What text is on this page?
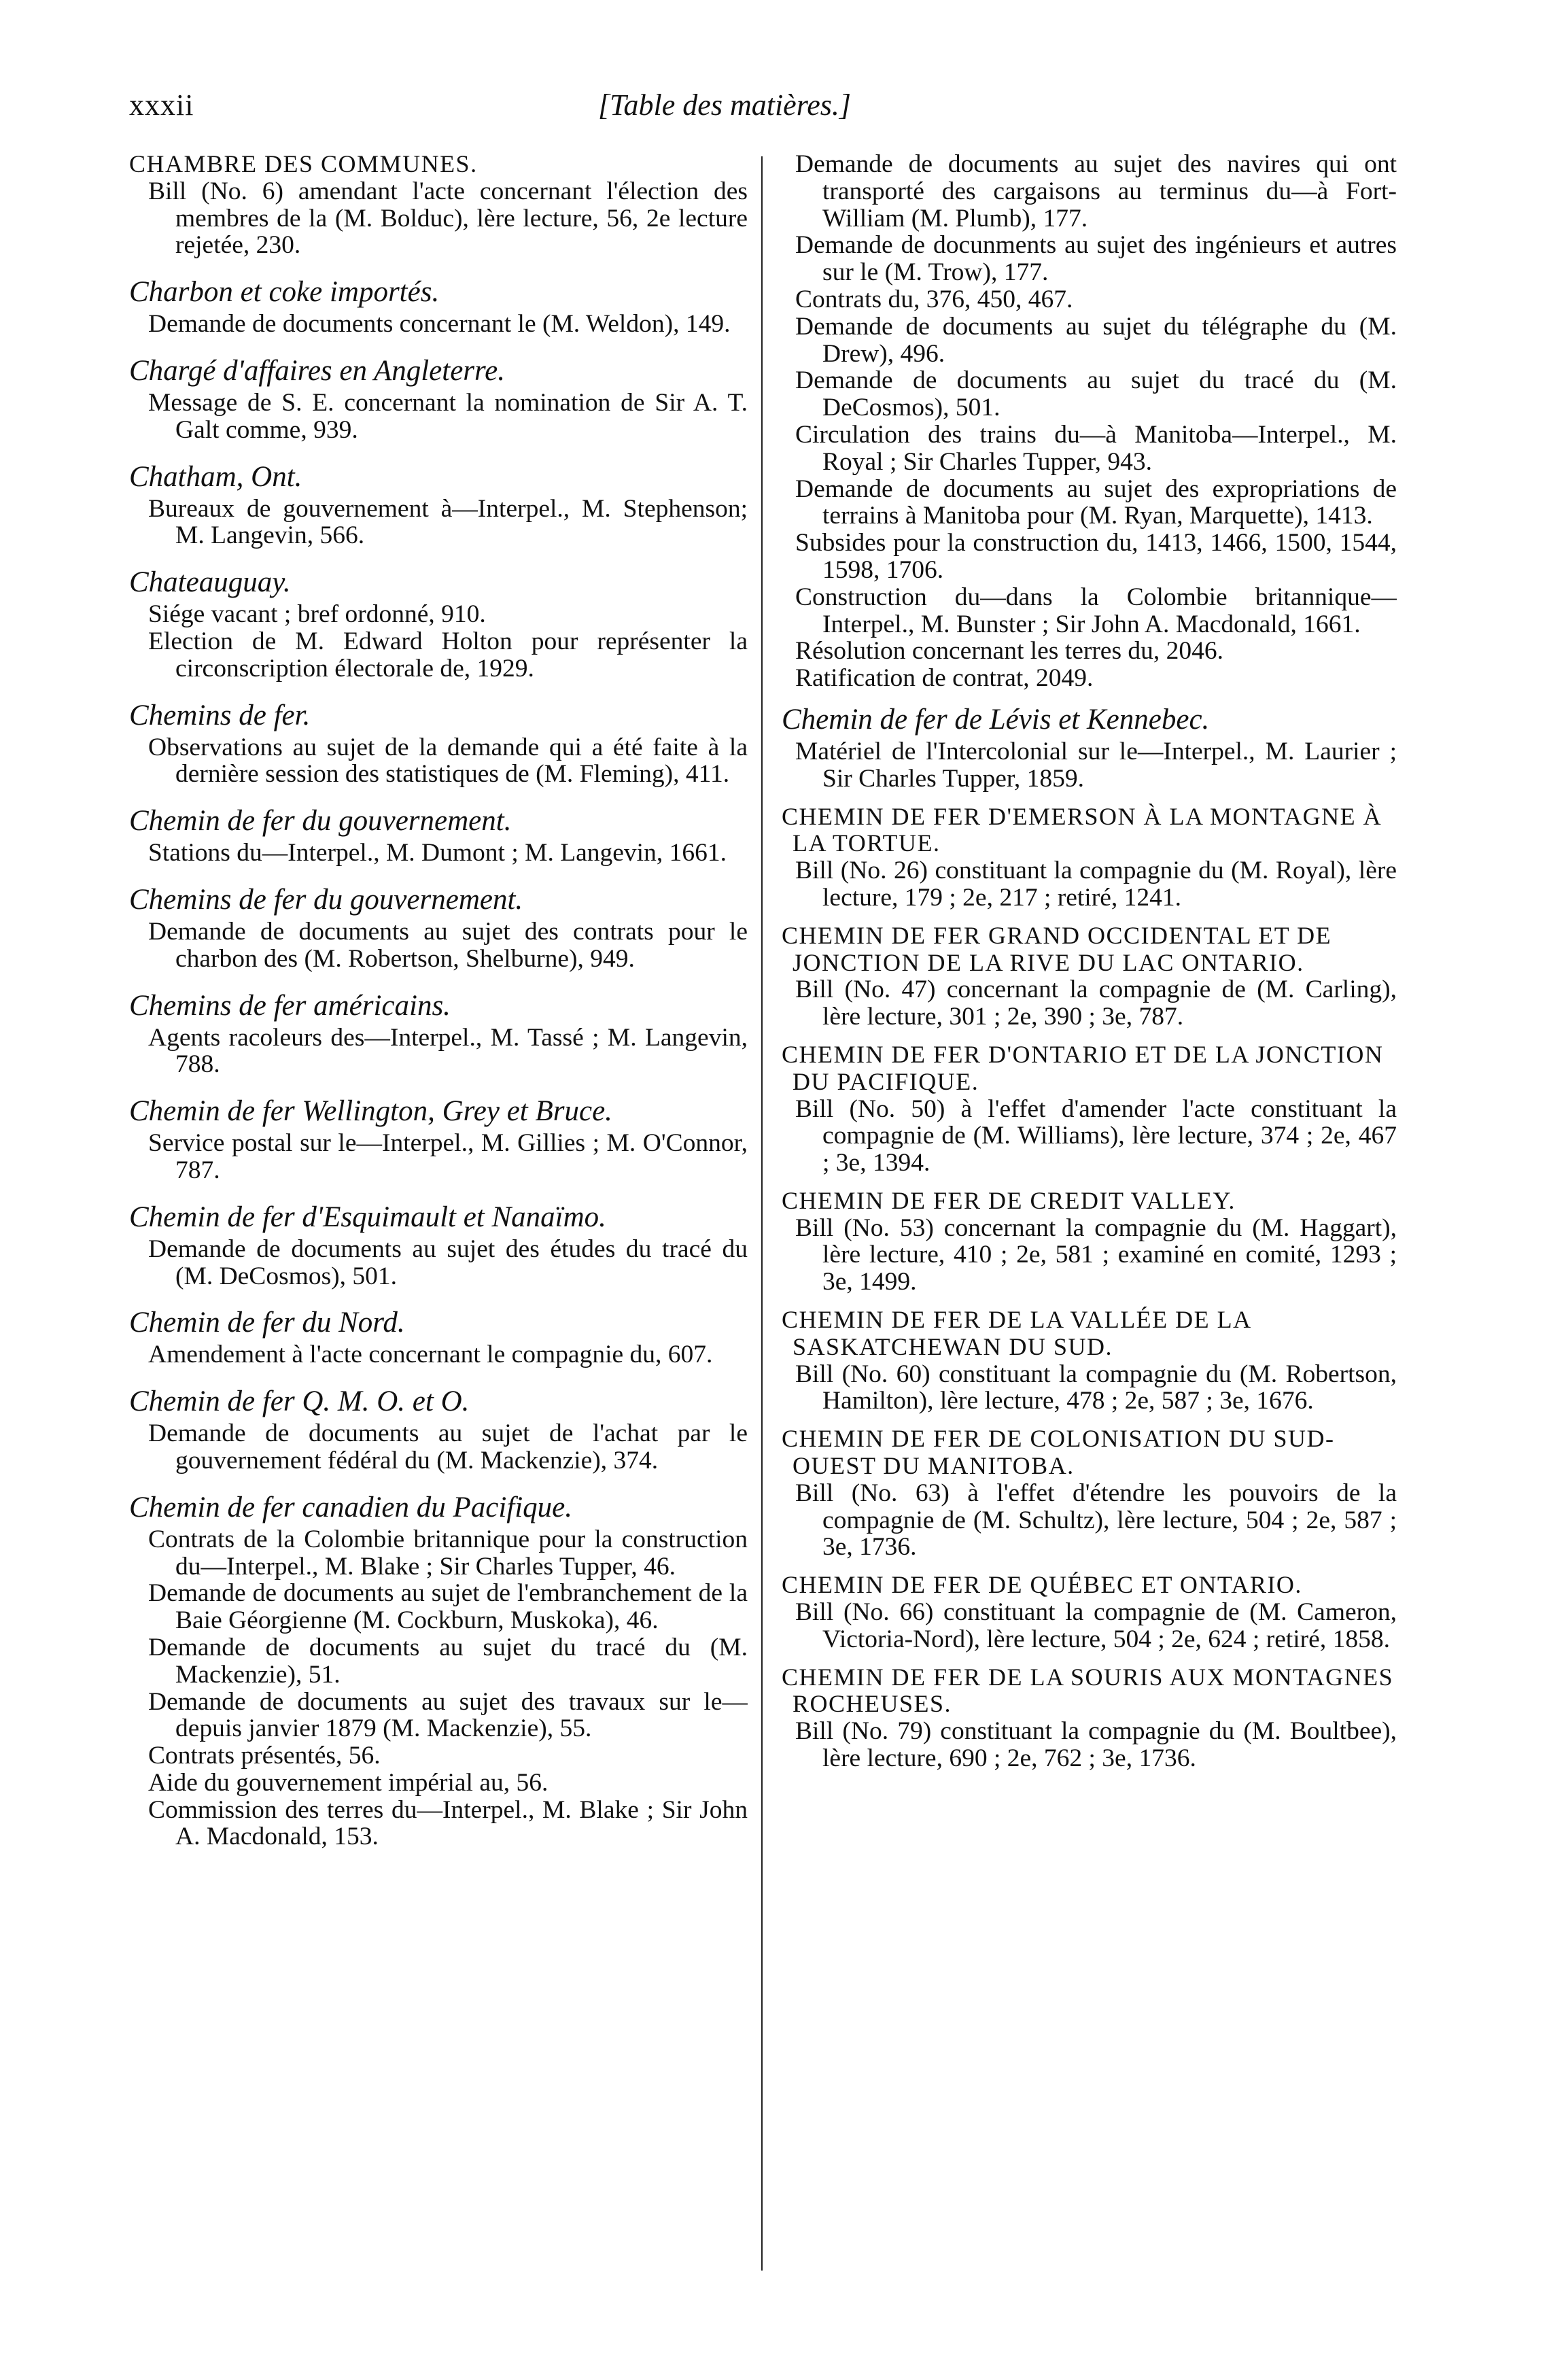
xxxii	[Table des matières.]
CHAMBRE DES COMMUNES.
Bill (No. 6) amendant l'acte concernant l'élection des membres de la (M. Bolduc), lère lecture, 56, 2e lecture rejetée, 230.
Charbon et coke importés.
Demande de documents concernant le (M. Weldon), 149.
Chargé d'affaires en Angleterre.
Message de S. E. concernant la nomination de Sir A. T. Galt comme, 939.
Chatham, Ont.
Bureaux de gouvernement à—Interpel., M. Stephenson; M. Langevin, 566.
Chateauguay.
Siége vacant ; bref ordonné, 910.
Election de M. Edward Holton pour représenter la circonscription électorale de, 1929.
Chemins de fer.
Observations au sujet de la demande qui a été faite à la dernière session des statistiques de (M. Fleming), 411.
Chemin de fer du gouvernement.
Stations du—Interpel., M. Dumont ; M. Langevin, 1661.
Chemins de fer du gouvernement.
Demande de documents au sujet des contrats pour le charbon des (M. Robertson, Shelburne), 949.
Chemins de fer américains.
Agents racoleurs des—Interpel., M. Tassé ; M. Langevin, 788.
Chemin de fer Wellington, Grey et Bruce.
Service postal sur le—Interpel., M. Gillies ; M. O'Connor, 787.
Chemin de fer d'Esquimault et Nanaïmo.
Demande de documents au sujet des études du tracé du (M. DeCosmos), 501.
Chemin de fer du Nord.
Amendement à l'acte concernant le compagnie du, 607.
Chemin de fer Q. M. O. et O.
Demande de documents au sujet de l'achat par le gouvernement fédéral du (M. Mackenzie), 374.
Chemin de fer canadien du Pacifique.
Contrats de la Colombie britannique pour la construction du—Interpel., M. Blake ; Sir Charles Tupper, 46.
Demande de documents au sujet de l'embranchement de la Baie Géorgienne (M. Cockburn, Muskoka), 46.
Demande de documents au sujet du tracé du (M. Mackenzie), 51.
Demande de documents au sujet des travaux sur le—depuis janvier 1879 (M. Mackenzie), 55.
Contrats présentés, 56.
Aide du gouvernement impérial au, 56.
Commission des terres du—Interpel., M. Blake ; Sir John A. Macdonald, 153.
Demande de documents au sujet des navires qui ont transporté des cargaisons au terminus du—à Fort-William (M. Plumb), 177.
Demande de docunments au sujet des ingénieurs et autres sur le (M. Trow), 177.
Contrats du, 376, 450, 467.
Demande de documents au sujet du télégraphe du (M. Drew), 496.
Demande de documents au sujet du tracé du (M. DeCosmos), 501.
Circulation des trains du—à Manitoba—Interpel., M. Royal ; Sir Charles Tupper, 943.
Demande de documents au sujet des expropriations de terrains à Manitoba pour (M. Ryan, Marquette), 1413.
Subsides pour la construction du, 1413, 1466, 1500, 1544, 1598, 1706.
Construction du—dans la Colombie britannique—Interpel., M. Bunster ; Sir John A. Macdonald, 1661.
Résolution concernant les terres du, 2046.
Ratification de contrat, 2049.
Chemin de fer de Lévis et Kennebec.
Matériel de l'Intercolonial sur le—Interpel., M. Laurier ; Sir Charles Tupper, 1859.
CHEMIN DE FER D'EMERSON À LA MONTAGNE À LA TORTUE.
Bill (No. 26) constituant la compagnie du (M. Royal), lère lecture, 179 ; 2e, 217 ; retiré, 1241.
CHEMIN DE FER GRAND OCCIDENTAL ET DE JONCTION DE LA RIVE DU LAC ONTARIO.
Bill (No. 47) concernant la compagnie de (M. Carling), lère lecture, 301 ; 2e, 390 ; 3e, 787.
CHEMIN DE FER D'ONTARIO ET DE LA JONCTION DU PACIFIQUE.
Bill (No. 50) à l'effet d'amender l'acte constituant la compagnie de (M. Williams), lère lecture, 374 ; 2e, 467 ; 3e, 1394.
CHEMIN DE FER DE CREDIT VALLEY.
Bill (No. 53) concernant la compagnie du (M. Haggart), lère lecture, 410 ; 2e, 581 ; examiné en comité, 1293 ; 3e, 1499.
CHEMIN DE FER DE LA VALLÉE DE LA SASKATCHEWAN DU SUD.
Bill (No. 60) constituant la compagnie du (M. Robertson, Hamilton), lère lecture, 478 ; 2e, 587 ; 3e, 1676.
CHEMIN DE FER DE COLONISATION DU SUD-OUEST DU MANITOBA.
Bill (No. 63) à l'effet d'étendre les pouvoirs de la compagnie de (M. Schultz), lère lecture, 504 ; 2e, 587 ; 3e, 1736.
CHEMIN DE FER DE QUÉBEC ET ONTARIO.
Bill (No. 66) constituant la compagnie de (M. Cameron, Victoria-Nord), lère lecture, 504 ; 2e, 624 ; retiré, 1858.
CHEMIN DE FER DE LA SOURIS AUX MONTAGNES ROCHEUSES.
Bill (No. 79) constituant la compagnie du (M. Boultbee), lère lecture, 690 ; 2e, 762 ; 3e, 1736.
